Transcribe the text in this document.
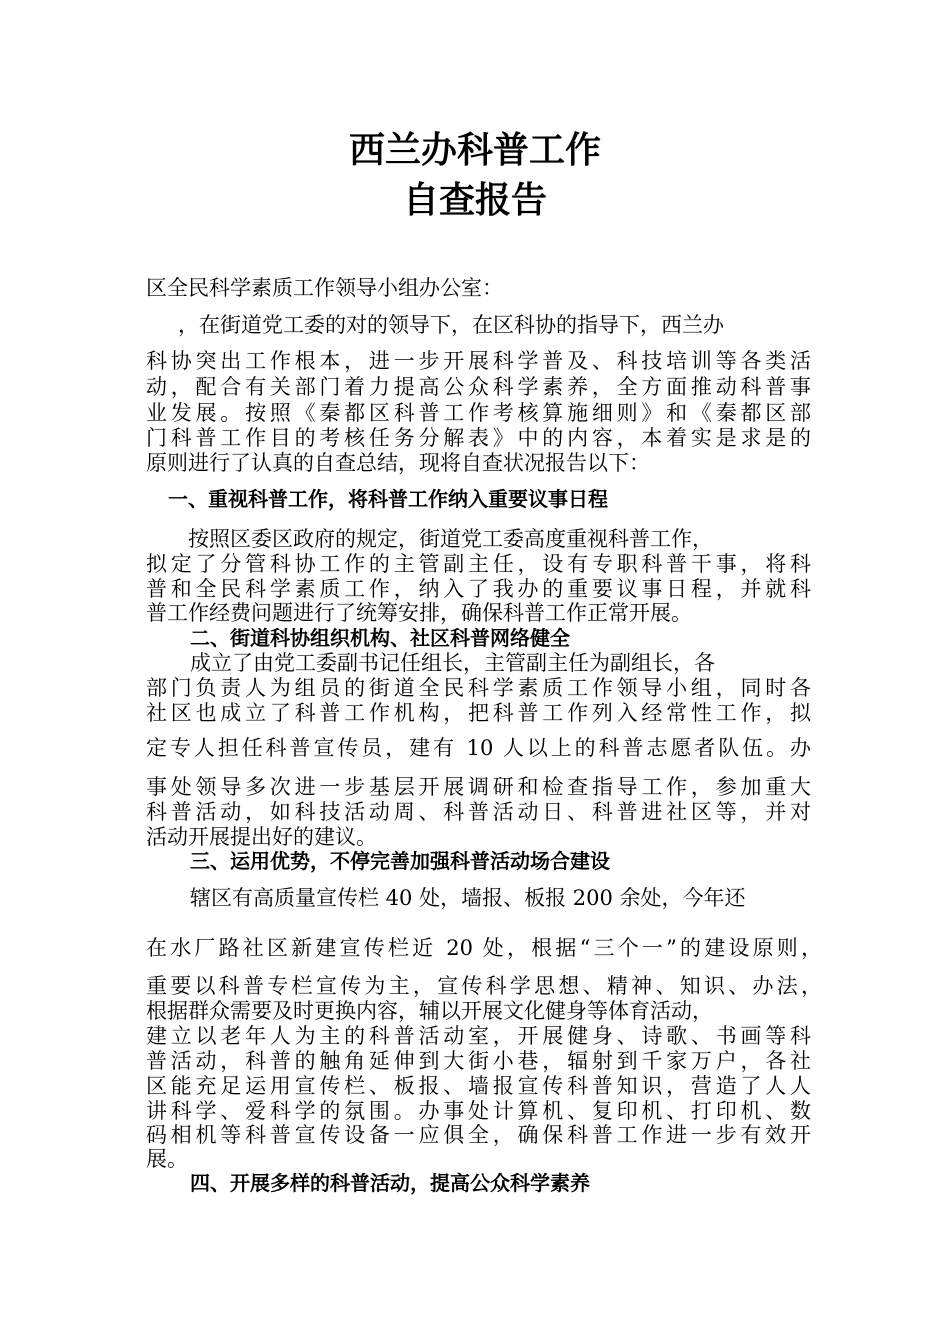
西兰办科普工作
自查报告

区全民科学素质工作领导小组办公室：

，在街道党工委的对的领导下，在区科协的指导下，西兰办

科协突出工作根本，进一步开展科学普及、科技培训等各类活

动，配合有关部门着力提高公众科学素养，全方面推动科普事

业发展。按照《秦都区科普工作考核算施细则》和《秦都区部

门科普工作目的考核任务分解表》中的内容，本着实是求是的

原则进行了认真的自查总结，现将自查状况报告以下：

一、重视科普工作，将科普工作纳入重要议事日程

按照区委区政府的规定，街道党工委高度重视科普工作，

拟定了分管科协工作的主管副主任，设有专职科普干事，将科

普和全民科学素质工作，纳入了我办的重要议事日程，并就科

普工作经费问题进行了统筹安排，确保科普工作正常开展。

二、街道科协组织机构、社区科普网络健全

成立了由党工委副书记任组长，主管副主任为副组长，各

部门负责人为组员的街道全民科学素质工作领导小组，同时各

社区也成立了科普工作机构，把科普工作列入经常性工作，拟

定专人担任科普宣传员，建有 10 人以上的科普志愿者队伍。办

事处领导多次进一步基层开展调研和检查指导工作，参加重大

科普活动，如科技活动周、科普活动日、科普进社区等，并对

活动开展提出好的建议。

三、运用优势，不停完善加强科普活动场合建设

辖区有高质量宣传栏 40 处，墙报、板报 200 余处，今年还

在水厂路社区新建宣传栏近 20 处，根据“三个一”的建设原则，

重要以科普专栏宣传为主，宣传科学思想、精神、知识、办法，

根据群众需要及时更换内容，辅以开展文化健身等体育活动，

建立以老年人为主的科普活动室，开展健身、诗歌、书画等科

普活动，科普的触角延伸到大街小巷，辐射到千家万户，各社

区能充足运用宣传栏、板报、墙报宣传科普知识，营造了人人

讲科学、爱科学的氛围。办事处计算机、复印机、打印机、数

码相机等科普宣传设备一应俱全，确保科普工作进一步有效开

展。

四、开展多样的科普活动，提高公众科学素养
